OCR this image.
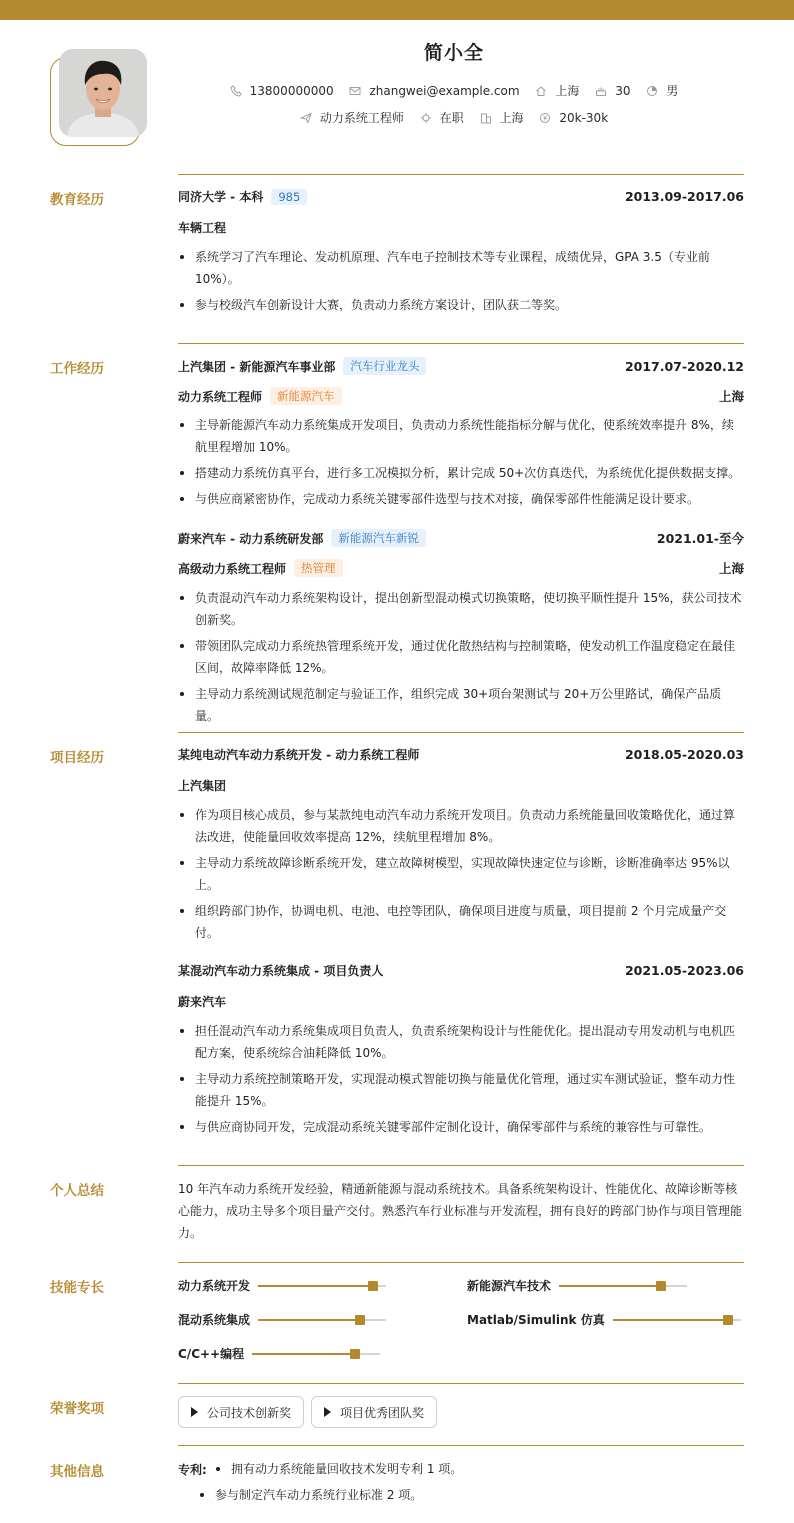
简小全
13800000000
	zhangwei@example.com
	上海
	30
	男
动力系统工程师
	在职
	上海
	20k-30k
教育经历	同济大学 - 本科	985	2013.09-2017.06
车辆工程
系统学习了汽车理论、发动机原理、汽车电子控制技术等专业课程，成绩优异，GPA 3.5（专业前 10%）。
参与校级汽车创新设计大赛，负责动力系统方案设计，团队获二等奖。
工作经历	上汽集团 - 新能源汽车事业部	汽车行业龙头	2017.07-2020.12
动力系统工程师	新能源汽车	上海
主导新能源汽车动力系统集成开发项目，负责动力系统性能指标分解与优化，使系统效率提升 8%，续航里程增加 10%。
搭建动力系统仿真平台，进行多工况模拟分析，累计完成 50+次仿真迭代，为系统优化提供数据支撑。
与供应商紧密协作，完成动力系统关键零部件选型与技术对接，确保零部件性能满足设计要求。
蔚来汽车 - 动力系统研发部	新能源汽车新锐	2021.01-至今
高级动力系统工程师	热管理	上海
负责混动汽车动力系统架构设计，提出创新型混动模式切换策略，使切换平顺性提升 15%，获公司技术创新奖。
带领团队完成动力系统热管理系统开发，通过优化散热结构与控制策略，使发动机工作温度稳定在最佳区间，故障率降低 12%。
主导动力系统测试规范制定与验证工作，组织完成 30+项台架测试与 20+万公里路试，确保产品质量。
项目经历	某纯电动汽车动力系统开发 - 动力系统工程师	2018.05-2020.03
上汽集团
作为项目核心成员，参与某款纯电动汽车动力系统开发项目。负责动力系统能量回收策略优化，通过算法改进，使能量回收效率提高 12%，续航里程增加 8%。
主导动力系统故障诊断系统开发，建立故障树模型，实现故障快速定位与诊断，诊断准确率达 95%以上。
组织跨部门协作，协调电机、电池、电控等团队，确保项目进度与质量，项目提前 2 个月完成量产交付。
某混动汽车动力系统集成 - 项目负责人	2021.05-2023.06
蔚来汽车
担任混动汽车动力系统集成项目负责人，负责系统架构设计与性能优化。提出混动专用发动机与电机匹配方案，使系统综合油耗降低 10%。
主导动力系统控制策略开发，实现混动模式智能切换与能量优化管理，通过实车测试验证，整车动力性能提升 15%。
与供应商协同开发，完成混动系统关键零部件定制化设计，确保零部件与系统的兼容性与可靠性。
个人总结	10 年汽车动力系统开发经验，精通新能源与混动系统技术。具备系统架构设计、性能优化、故障诊断等核心能力，成功主导多个项目量产交付。熟悉汽车行业标准与开发流程，拥有良好的跨部门协作与项目管理能力。
技能专长	动力系统开发	新能源汽车技术
混动系统集成	Matlab/Simulink 仿真
C/C++编程
荣誉奖项	公司技术创新奖	项目优秀团队奖
其他信息	专利:	拥有动力系统能量回收技术发明专利 1 项。
参与制定汽车动力系统行业标准 2 项。
